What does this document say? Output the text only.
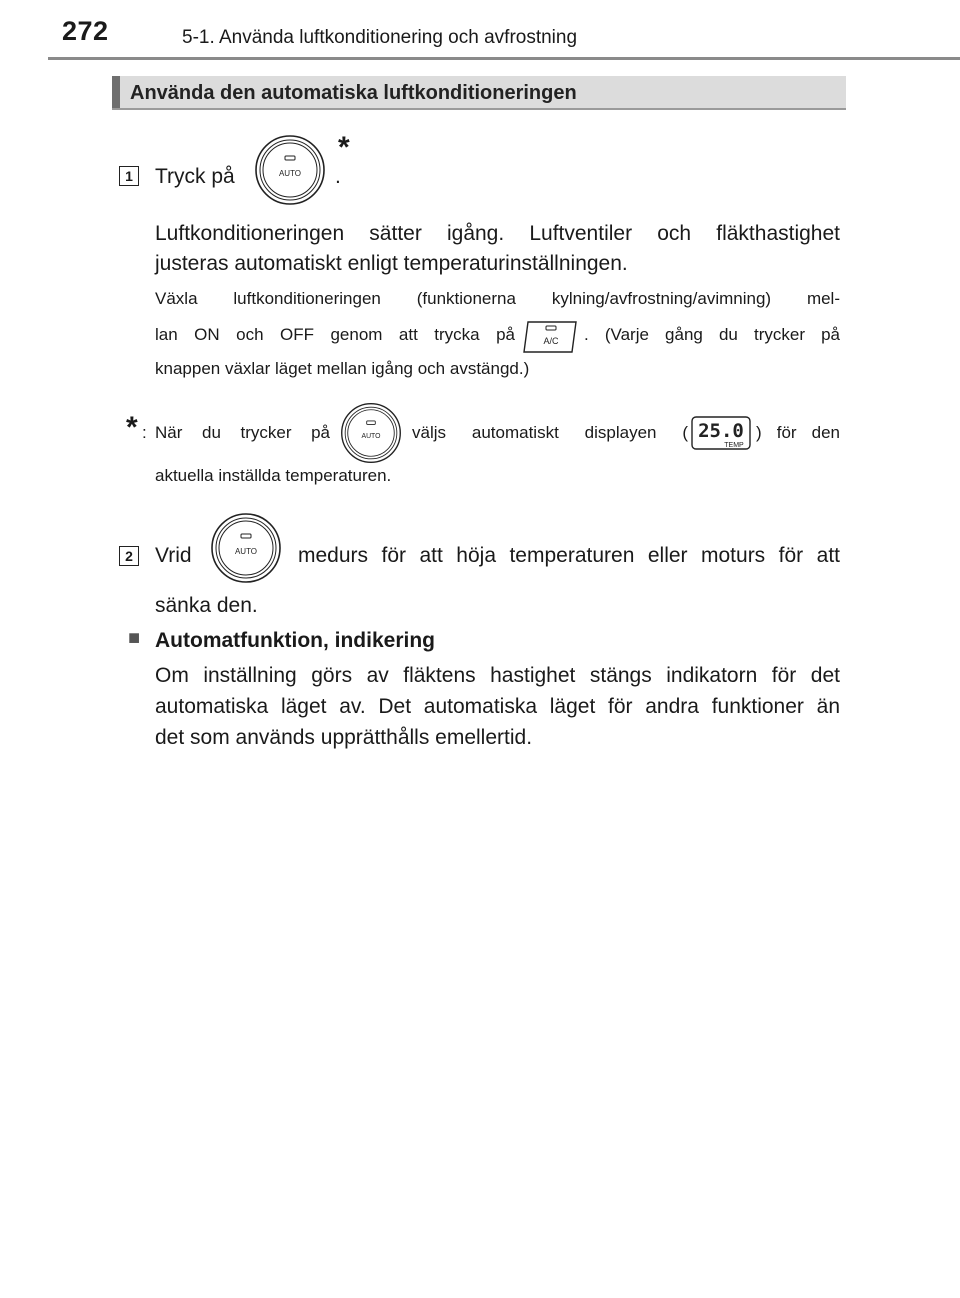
272	5-1. Använda luftkonditionering och avfrostning
Använda den automatiska luftkonditioneringen
1 Tryck på	AUTO
*
.
Luftkonditioneringen sätter igång. Luftventiler och fläkthastighet
justeras automatiskt enligt temperaturinställningen.
Växla luftkonditioneringen (funktionerna kylning/avfrostning/avimning) mel-
lan ON och OFF genom att trycka på	A/C . (Varje gång du trycker på
knappen växlar läget mellan igång och avstängd.)
* : När du trycker på	AUTO väljs automatiskt displayen ( 25.0
TEMP
) för den
aktuella inställda temperaturen.
2 Vrid	AUTO medurs för att höja temperaturen eller moturs för att
sänka den.
■ Automatfunktion, indikering
Om inställning görs av fläktens hastighet stängs indikatorn för det
automatiska läget av. Det automatiska läget för andra funktioner än
det som används upprätthålls emellertid.
